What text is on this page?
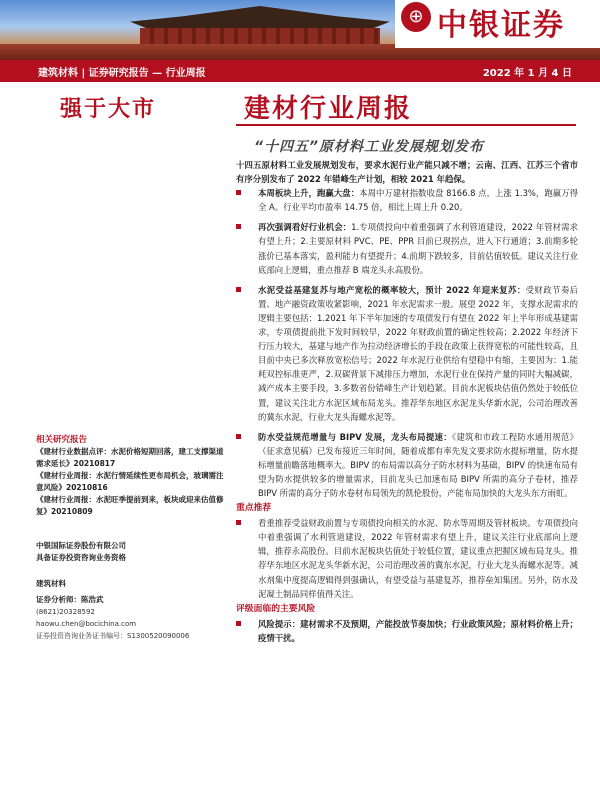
⊕ 中银证券
建筑材料 | 证券研究报告 — 行业周报	2022 年 1 月 4 日
强于大市	建材行业周报
“十四五”原材料工业发展规划发布

十四五原材料工业发展规划发布，要求水泥行业产能只减不增；云南、江西、江苏三个省市有序分别发布了 2022 年错峰生产计划，相较 2021 年趋保。

本周板块上升，跑赢大盘：本周中万建材指数收盘 8166.8 点，上涨 1.3%，跑赢万得全 A。行业平均市盈率 14.75 倍，相比上周上升 0.20。

再次强调看好行业机会：1.专项债投向中着重强调了水利管道建设，2022 年管材需求有望上升；2.主要原材料 PVC、PE、PPR 目前已现拐点，进入下行通道；3.前期多轮涨价已基本落实，盈利能力有望提升；4.前期下跌较多，目前估值较低。建议关注行业底部向上逻辑，重点推荐 B 端龙头永高股份。

水泥受益基建复苏与地产宽松的概率较大，预计 2022 年迎来复苏：受财政节奏后置、地产融资政策收紧影响，2021 年水泥需求一般。展望 2022 年，支撑水泥需求的逻辑主要包括：1.2021 年下半年加速的专项债发行有望在 2022 年上半年形成基建需求，专项债提前批下发时间较早，2022 年财政前置的确定性较高；2.2022 年经济下行压力较大，基建与地产作为拉动经济增长的手段在政策上获得宽松的可能性较高，且目前中央已多次释放宽松信号；2022 年水泥行业供给有望稳中有缩，主要因为：1.能耗双控标准更严，2.双碳背景下减排压力增加，水泥行业在保持产量的同时大幅减碳，减产成本主要手段，3.多数省份错峰生产计划趋紧。目前水泥板块估值仍然处于较低位置，建议关注北方水泥区域布局龙头。推荐华东地区水泥龙头华新水泥，公司治理改善的冀东水泥，行业大龙头海螺水泥等。

防水受益规范增量与 BIPV 发展，龙头布局提速：《建筑和市政工程防水通用规范》（征求意见稿）已发布接近三年时间，随着成都有率先发文要求防水提标增量，防水提标增量前瞻落地概率大。BIPV 的布局需以高分子防水材料为基础，BIPV 的快速布局有望为防水提供较多的增量需求，目前龙头已加速布局 BIPV 所需的高分子卷材，推荐 BIPV 所需的高分子防水卷材布局领先的凯伦股份，产能布局加快的大龙头东方雨虹。

重点推荐

看重推荐受益财政前置与专项债投向相关的水泥、防水等周期及管材板块。专项债投向中着重强调了水利管道建设，2022 年管材需求有望上升，建议关注行业底部向上逻辑，推荐永高股份。目前水泥板块估值处于较低位置，建议重点把握区域布局龙头。推荐华东地区水泥龙头华新水泥，公司治理改善的冀东水泥，行业大龙头海螺水泥等。减水剂集中度提高逻辑得到强确认，有望受益与基建复苏，推荐垒知集团。另外，防水及泥凝土制品同样值得关注。

评级面临的主要风险

风险提示：建材需求不及预期，产能投放节奏加快；行业政策风险；原材料价格上升；疫情干扰。

相关研究报告

《建材行业数据点评：水泥价格短期回落，建工支撑渠道需求延长》20210817

《建材行业周报：水泥行情延续性更布局机会，玻璃需注意风险》20210816

《建材行业周报：水泥旺季提前到来，板块或迎来估值修复》20210809

中银国际证券股份有限公司

具备证券投资咨询业务资格

建筑材料

证券分析师：陈浩武

(8621)20328592

haowu.chen@bocichina.com

证券投资咨询业务证书编号：S1300520090006
